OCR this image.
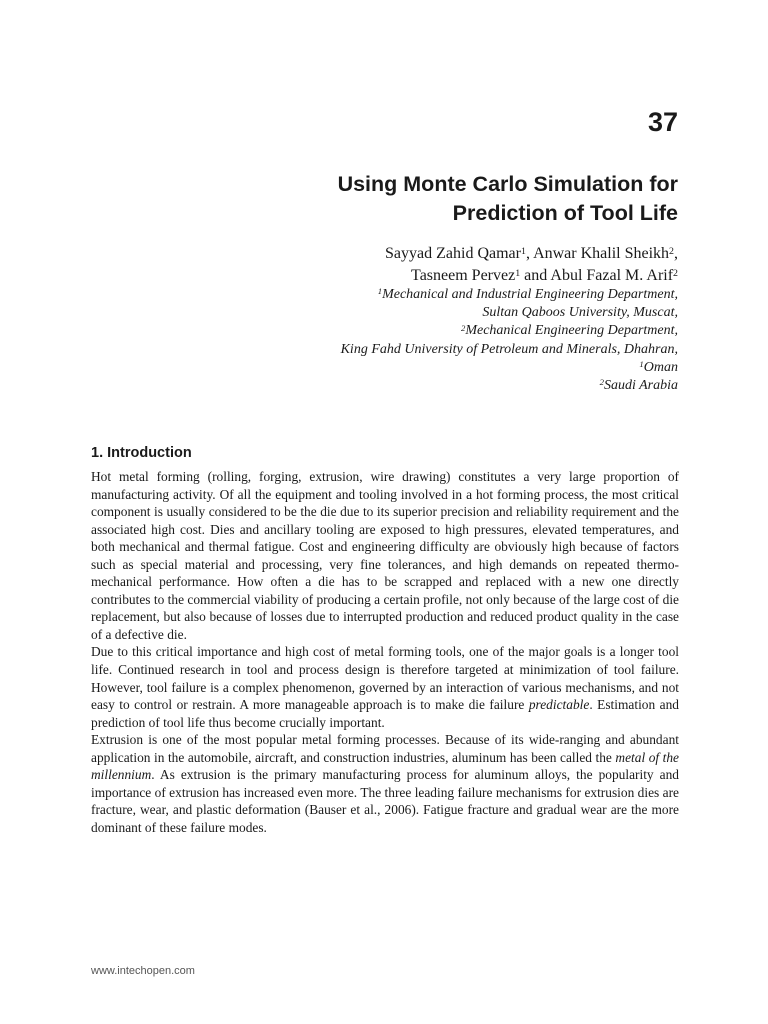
37
Using Monte Carlo Simulation for
Prediction of Tool Life
Sayyad Zahid Qamar$^1$, Anwar Khalil Sheikh$^2$,
Tasneem Pervez$^1$ and Abul Fazal M. Arif$^2$
$^1$Mechanical and Industrial Engineering Department,
Sultan Qaboos University, Muscat,
$^2$Mechanical Engineering Department,
King Fahd University of Petroleum and Minerals, Dhahran,
$^1$Oman
$^2$Saudi Arabia
1. Introduction

Hot metal forming (rolling, forging, extrusion, wire drawing) constitutes a very large proportion of manufacturing activity. Of all the equipment and tooling involved in a hot forming process, the most critical component is usually considered to be the die due to its superior precision and reliability requirement and the associated high cost. Dies and ancillary tooling are exposed to high pressures, elevated temperatures, and both mechanical and thermal fatigue. Cost and engineering difficulty are obviously high because of factors such as special material and processing, very fine tolerances, and high demands on repeated thermo-mechanical performance. How often a die has to be scrapped and replaced with a new one directly contributes to the commercial viability of producing a certain profile, not only because of the large cost of die replacement, but also because of losses due to interrupted production and reduced product quality in the case of a defective die.

Due to this critical importance and high cost of metal forming tools, one of the major goals is a longer tool life. Continued research in tool and process design is therefore targeted at minimization of tool failure. However, tool failure is a complex phenomenon, governed by an interaction of various mechanisms, and not easy to control or restrain. A more manageable approach is to make die failure predictable. Estimation and prediction of tool life thus become crucially important.

Extrusion is one of the most popular metal forming processes. Because of its wide-ranging and abundant application in the automobile, aircraft, and construction industries, aluminum has been called the metal of the millennium. As extrusion is the primary manufacturing process for aluminum alloys, the popularity and importance of extrusion has increased even more. The three leading failure mechanisms for extrusion dies are fracture, wear, and plastic deformation (Bauser et al., 2006). Fatigue fracture and gradual wear are the more dominant of these failure modes.

www.intechopen.com
